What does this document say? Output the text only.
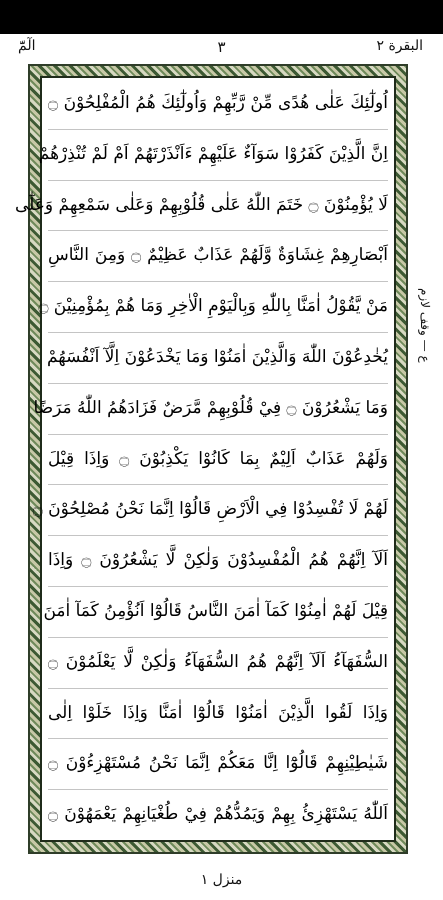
البقرة ٢
٣
الٓمّٓ
اُولٰٓئِكَ عَلٰى هُدًى مِّنْ رَّبِّهِمْ وَاُولٰٓئِكَ هُمُ الْمُفْلِحُوْنَ ۝
اِنَّ الَّذِيْنَ كَفَرُوْا سَوَآءٌ عَلَيْهِمْ ءَاَنْذَرْتَهُمْ اَمْ لَمْ تُنْذِرْهُمْ
لَا يُؤْمِنُوْنَ ۝ خَتَمَ اللّٰهُ عَلٰى قُلُوْبِهِمْ وَعَلٰى سَمْعِهِمْ وَعَلٰٓى
اَبْصَارِهِمْ غِشَاوَةٌ وَّلَهُمْ عَذَابٌ عَظِيْمٌ ۝ وَمِنَ النَّاسِ
مَنْ يَّقُوْلُ اٰمَنَّا بِاللّٰهِ وَبِالْيَوْمِ الْاٰخِرِ وَمَا هُمْ بِمُؤْمِنِيْنَ ۝
يُخٰدِعُوْنَ اللّٰهَ وَالَّذِيْنَ اٰمَنُوْا وَمَا يَخْدَعُوْنَ اِلَّآ اَنْفُسَهُمْ
وَمَا يَشْعُرُوْنَ ۝ فِيْ قُلُوْبِهِمْ مَّرَضٌ فَزَادَهُمُ اللّٰهُ مَرَضًا
وَلَهُمْ عَذَابٌ اَلِيْمٌ بِمَا كَانُوْا يَكْذِبُوْنَ ۝ وَاِذَا قِيْلَ
لَهُمْ لَا تُفْسِدُوْا فِي الْاَرْضِ قَالُوْٓا اِنَّمَا نَحْنُ مُصْلِحُوْنَ ۝
اَلَآ اِنَّهُمْ هُمُ الْمُفْسِدُوْنَ وَلٰكِنْ لَّا يَشْعُرُوْنَ ۝ وَاِذَا
قِيْلَ لَهُمْ اٰمِنُوْا كَمَآ اٰمَنَ النَّاسُ قَالُوْٓا اَنُؤْمِنُ كَمَآ اٰمَنَ
السُّفَهَآءُ اَلَآ اِنَّهُمْ هُمُ السُّفَهَآءُ وَلٰكِنْ لَّا يَعْلَمُوْنَ ۝
وَاِذَا لَقُوا الَّذِيْنَ اٰمَنُوْا قَالُوْٓا اٰمَنَّا وَاِذَا خَلَوْا اِلٰى
شَيٰطِيْنِهِمْ قَالُوْٓا اِنَّا مَعَكُمْ اِنَّمَا نَحْنُ مُسْتَهْزِءُوْنَ ۝
اَللّٰهُ يَسْتَهْزِئُ بِهِمْ وَيَمُدُّهُمْ فِيْ طُغْيَانِهِمْ يَعْمَهُوْنَ ۝
ع — وقف لازم
منزل ۱
